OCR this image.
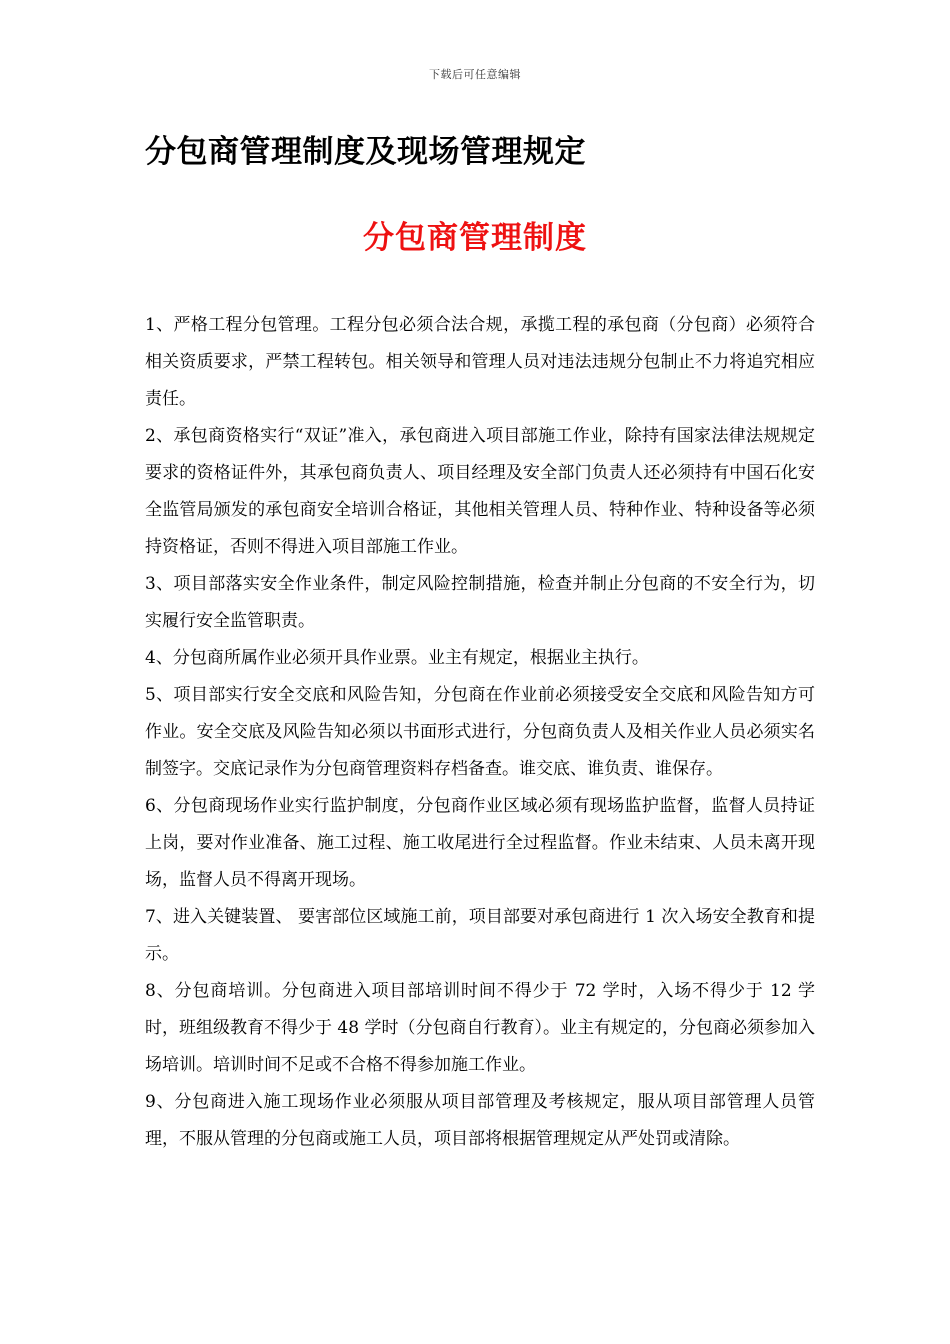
下载后可任意编辑
分包商管理制度及现场管理规定
分包商管理制度
1、严格工程分包管理。工程分包必须合法合规，承揽工程的承包商（分包商）必须符合相关资质要求，严禁工程转包。相关领导和管理人员对违法违规分包制止不力将追究相应责任。
2、承包商资格实行“双证”准入，承包商进入项目部施工作业，除持有国家法律法规规定要求的资格证件外，其承包商负责人、项目经理及安全部门负责人还必须持有中国石化安全监管局颁发的承包商安全培训合格证，其他相关管理人员、特种作业、特种设备等必须持资格证，否则不得进入项目部施工作业。
3、项目部落实安全作业条件，制定风险控制措施，检查并制止分包商的不安全行为，切实履行安全监管职责。
4、分包商所属作业必须开具作业票。业主有规定，根据业主执行。
5、项目部实行安全交底和风险告知，分包商在作业前必须接受安全交底和风险告知方可作业。安全交底及风险告知必须以书面形式进行，分包商负责人及相关作业人员必须实名制签字。交底记录作为分包商管理资料存档备查。谁交底、谁负责、谁保存。
6、分包商现场作业实行监护制度，分包商作业区域必须有现场监护监督，监督人员持证上岗，要对作业准备、施工过程、施工收尾进行全过程监督。作业未结束、人员未离开现场，监督人员不得离开现场。
7、进入关键装置、 要害部位区域施工前，项目部要对承包商进行 1 次入场安全教育和提示。
8、分包商培训。分包商进入项目部培训时间不得少于 72 学时，入场不得少于 12 学时，班组级教育不得少于 48 学时（分包商自行教育）。业主有规定的，分包商必须参加入场培训。培训时间不足或不合格不得参加施工作业。
9、分包商进入施工现场作业必须服从项目部管理及考核规定，服从项目部管理人员管理，不服从管理的分包商或施工人员，项目部将根据管理规定从严处罚或清除。
